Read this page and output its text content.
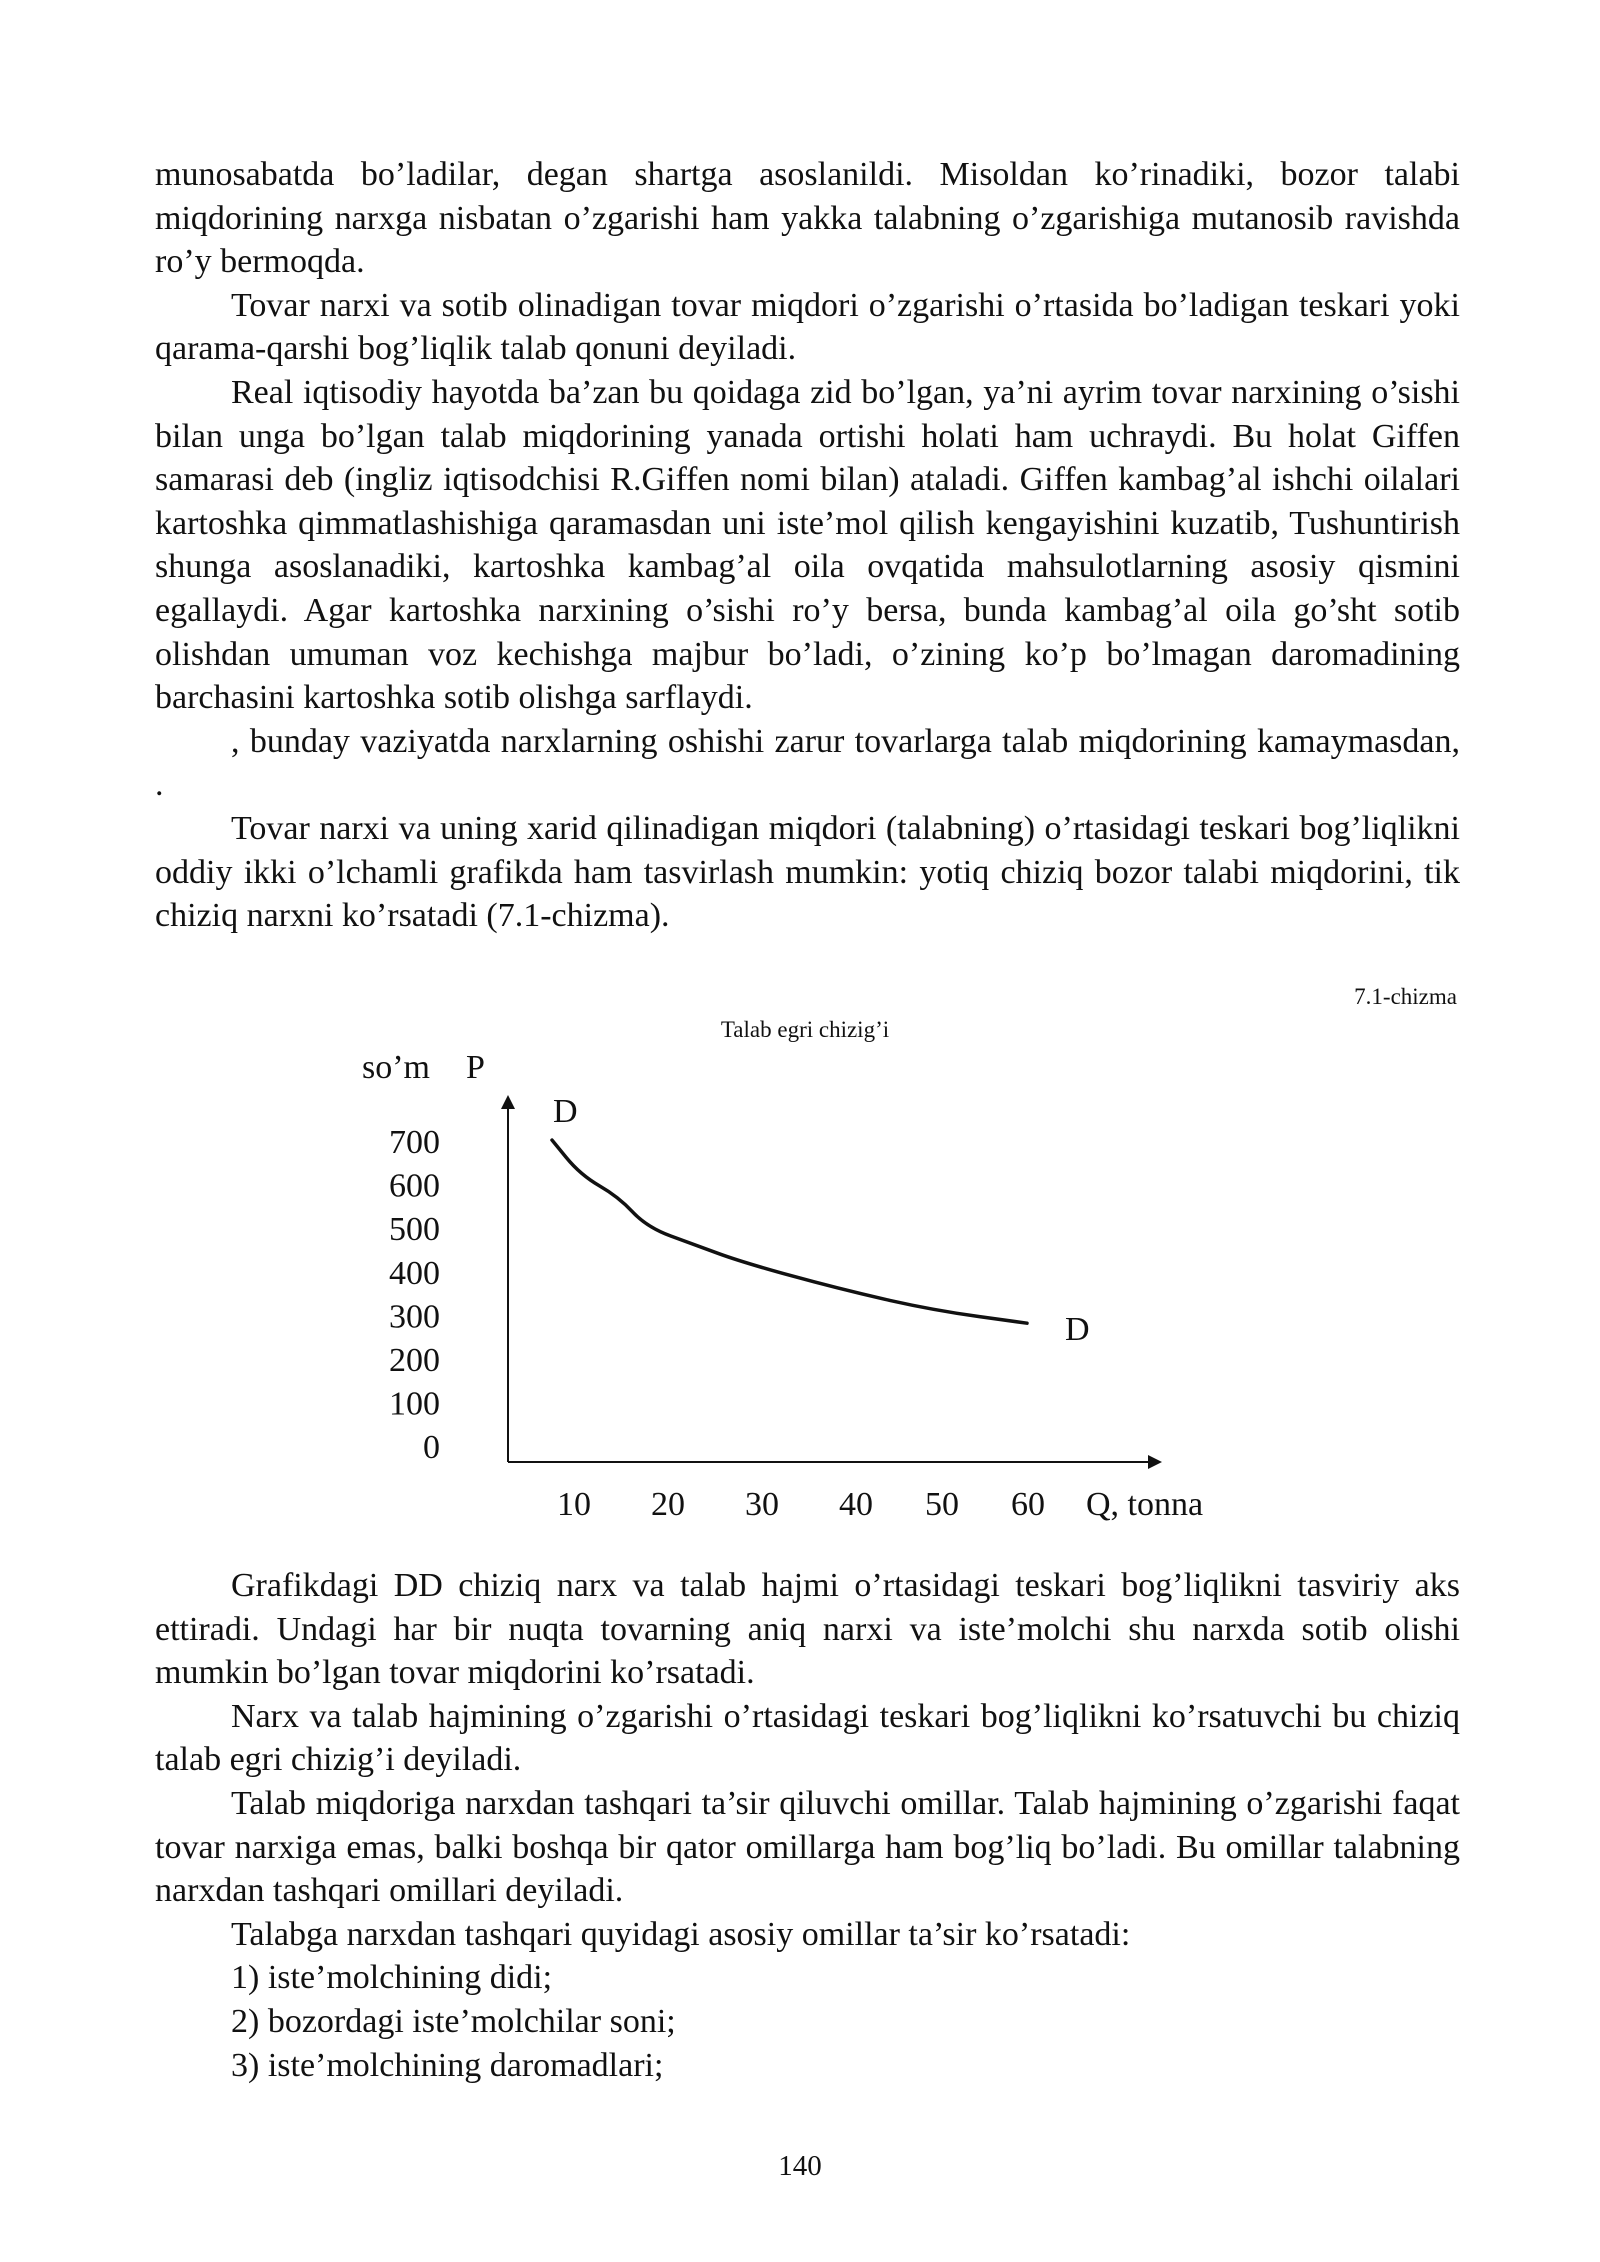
munosabatda bo’ladilar, degan shartga asoslanildi. Misoldan ko’rinadiki, bozor talabi miqdorining narxga nisbatan o’zgarishi ham yakka talabning o’zgarishiga mutanosib ravishda ro’y bermoqda.

Tovar narxi va sotib olinadigan tovar miqdori o’zgarishi o’rtasida bo’ladigan teskari yoki qarama-qarshi bog’liqlik talab qonuni deyiladi.

Real iqtisodiy hayotda ba’zan bu qoidaga zid bo’lgan, ya’ni ayrim tovar narxining o’sishi bilan unga bo’lgan talab miqdorining yanada ortishi holati ham uchraydi. Bu holat Giffen samarasi deb (ingliz iqtisodchisi R.Giffen nomi bilan) ataladi. Giffen kambag’al ishchi oilalari kartoshka qimmatlashishiga qaramasdan uni iste’mol qilish kengayishini kuzatib, Tushuntirish shunga asoslanadiki, kartoshka kambag’al oila ovqatida mahsulotlarning asosiy qismini egallaydi. Agar kartoshka narxining o’sishi ro’y bersa, bunda kambag’al oila go’sht sotib olishdan umuman voz kechishga majbur bo’ladi, o’zining ko’p bo’lmagan daromadining barchasini kartoshka sotib olishga sarflaydi.

, bunday vaziyatda narxlarning oshishi zarur tovarlarga talab miqdorining kamaymasdan, .

Tovar narxi va uning xarid qilinadigan miqdori (talabning) o’rtasidagi teskari bog’liqlikni oddiy ikki o’lchamli grafikda ham tasvirlash mumkin: yotiq chiziq bozor talabi miqdorini, tik chiziq narxni ko’rsatadi (7.1-chizma).

7.1-chizma
Talab egri chizig’i
so’m P
700
600
500
400
300
200
100
0
10 20 30 40 50 60 Q, tonna
D
D

Grafikdagi DD chiziq narx va talab hajmi o’rtasidagi teskari bog’liqlikni tasviriy aks ettiradi. Undagi har bir nuqta tovarning aniq narxi va iste’molchi shu narxda sotib olishi mumkin bo’lgan tovar miqdorini ko’rsatadi.

Narx va talab hajmining o’zgarishi o’rtasidagi teskari bog’liqlikni ko’rsatuvchi bu chiziq talab egri chizig’i deyiladi.

Talab miqdoriga narxdan tashqari ta’sir qiluvchi omillar. Talab hajmining o’zgarishi faqat tovar narxiga emas, balki boshqa bir qator omillarga ham bog’liq bo’ladi. Bu omillar talabning narxdan tashqari omillari deyiladi.

Talabga narxdan tashqari quyidagi asosiy omillar ta’sir ko’rsatadi:

1) iste’molchining didi;

2) bozordagi iste’molchilar soni;

3) iste’molchining daromadlari;

140
